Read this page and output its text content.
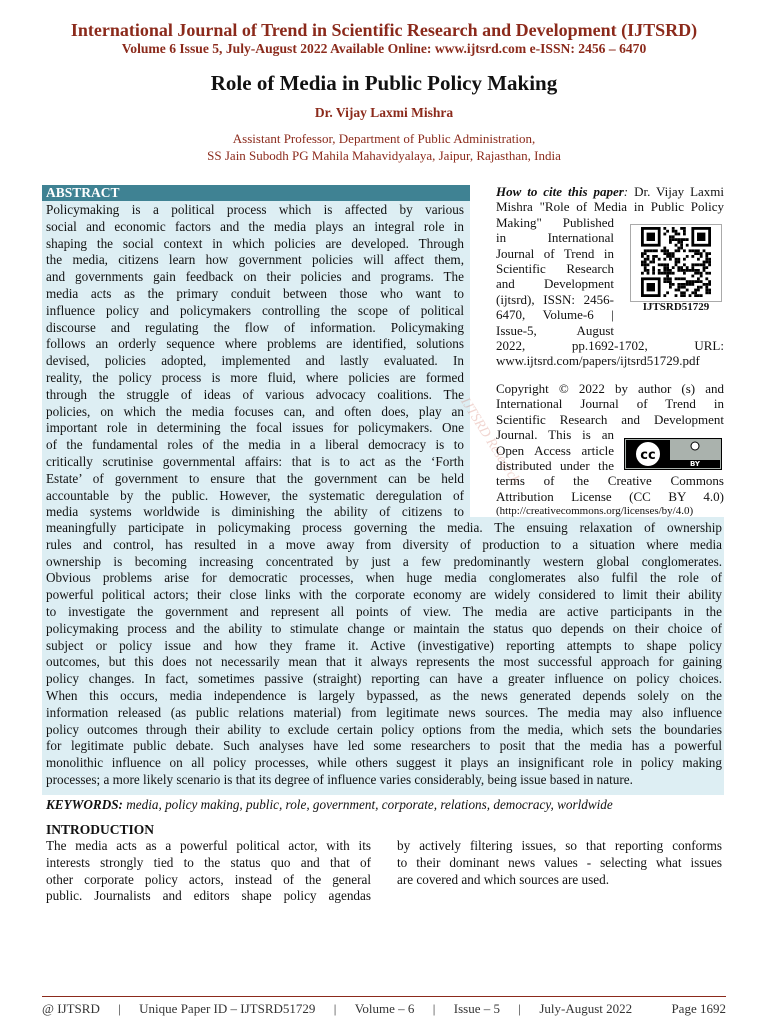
International Journal of Trend in Scientific Research and Development (IJTSRD)
Volume 6 Issue 5, July-August 2022 Available Online: www.ijtsrd.com e-ISSN: 2456 – 6470
Role of Media in Public Policy Making
Dr. Vijay Laxmi Mishra
Assistant Professor, Department of Public Administration,
SS Jain Subodh PG Mahila Mahavidyalaya, Jaipur, Rajasthan, India
ABSTRACT
IJTSRD Research
Policymaking is a political process which is affected by various
social and economic factors and the media plays an integral role in
shaping the social context in which policies are developed. Through
the media, citizens learn how government policies will affect them,
and governments gain feedback on their policies and programs. The
media acts as the primary conduit between those who want to
influence policy and policymakers controlling the scope of political
discourse and regulating the flow of information. Policymaking
follows an orderly sequence where problems are identified, solutions
devised, policies adopted, implemented and lastly evaluated. In
reality, the policy process is more fluid, where policies are formed
through the struggle of ideas of various advocacy coalitions. The
policies, on which the media focuses can, and often does, play an
important role in determining the focal issues for policymakers. One
of the fundamental roles of the media in a liberal democracy is to
critically scrutinise governmental affairs: that is to act as the ‘Forth
Estate’ of government to ensure that the government can be held
accountable by the public. However, the systematic deregulation of
media systems worldwide is diminishing the ability of citizens to
meaningfully participate in policymaking process governing the media. The ensuing relaxation of ownership
rules and control, has resulted in a move away from diversity of production to a situation where media
ownership is becoming increasing concentrated by just a few predominantly western global conglomerates.
Obvious problems arise for democratic processes, when huge media conglomerates also fulfil the role of
powerful political actors; their close links with the corporate economy are widely considered to limit their ability
to investigate the government and represent all points of view. The media are active participants in the
policymaking process and the ability to stimulate change or maintain the status quo depends on their choice of
subject or policy issue and how they frame it. Active (investigative) reporting attempts to shape policy
outcomes, but this does not necessarily mean that it always represents the most successful approach for gaining
policy changes. In fact, sometimes passive (straight) reporting can have a greater influence on policy choices.
When this occurs, media independence is largely bypassed, as the news generated depends solely on the
information released (as public relations material) from legitimate news sources. The media may also influence
policy outcomes through their ability to exclude certain policy options from the media, which sets the boundaries
for legitimate public debate. Such analyses have led some researchers to posit that the media has a powerful
monolithic influence on all policy processes, while others suggest it plays an insignificant role in policy making
processes; a more likely scenario is that its degree of influence varies considerably, being issue based in nature.
How to cite this paper: Dr. Vijay Laxmi
Mishra "Role of Media in Public Policy
Making" Published
in International
Journal of Trend in
Scientific Research
and Development
(ijtsrd), ISSN: 2456-
6470, Volume-6 |
Issue-5, August
2022, pp.1692-1702, URL:
www.ijtsrd.com/papers/ijtsrd51729.pdf
IJTSRD51729
Copyright © 2022 by author (s) and
International Journal of Trend in
Scientific Research and Development
Journal. This is an
Open Access article
distributed under the
terms of the Creative Commons
Attribution License (CC BY 4.0)
(http://creativecommons.org/licenses/by/4.0)
cc
BY
KEYWORDS: media, policy making, public, role, government, corporate, relations, democracy, worldwide
INTRODUCTION
The media acts as a powerful political actor, with its
interests strongly tied to the status quo and that of
other corporate policy actors, instead of the general
public. Journalists and editors shape policy agendas
by actively filtering issues, so that reporting conforms
to their dominant news values - selecting what issues
are covered and which sources are used.
@ IJTSRD | Unique Paper ID – IJTSRD51729 | Volume – 6 | Issue – 5 | July-August 2022	Page 1692
